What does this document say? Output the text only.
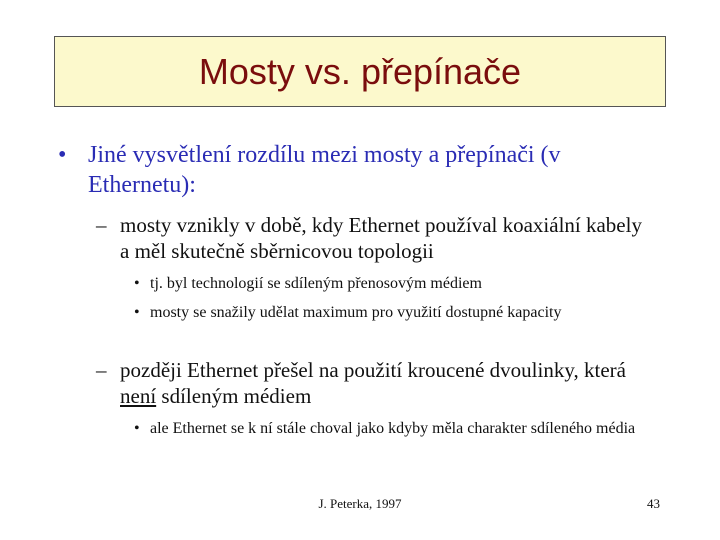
Mosty vs. přepínače
• Jiné vysvětlení rozdílu mezi mosty a přepínači (v Ethernetu):
– mosty vznikly v době, kdy Ethernet používal koaxiální kabely a měl skutečně sběrnicovou topologii
• tj. byl technologií se sdíleným přenosovým médiem
• mosty se snažily udělat maximum pro využití dostupné kapacity
– později Ethernet přešel na použití kroucené dvoulinky, která není sdíleným médiem
• ale Ethernet se k ní stále choval jako kdyby měla charakter sdíleného média
J. Peterka, 1997	43
